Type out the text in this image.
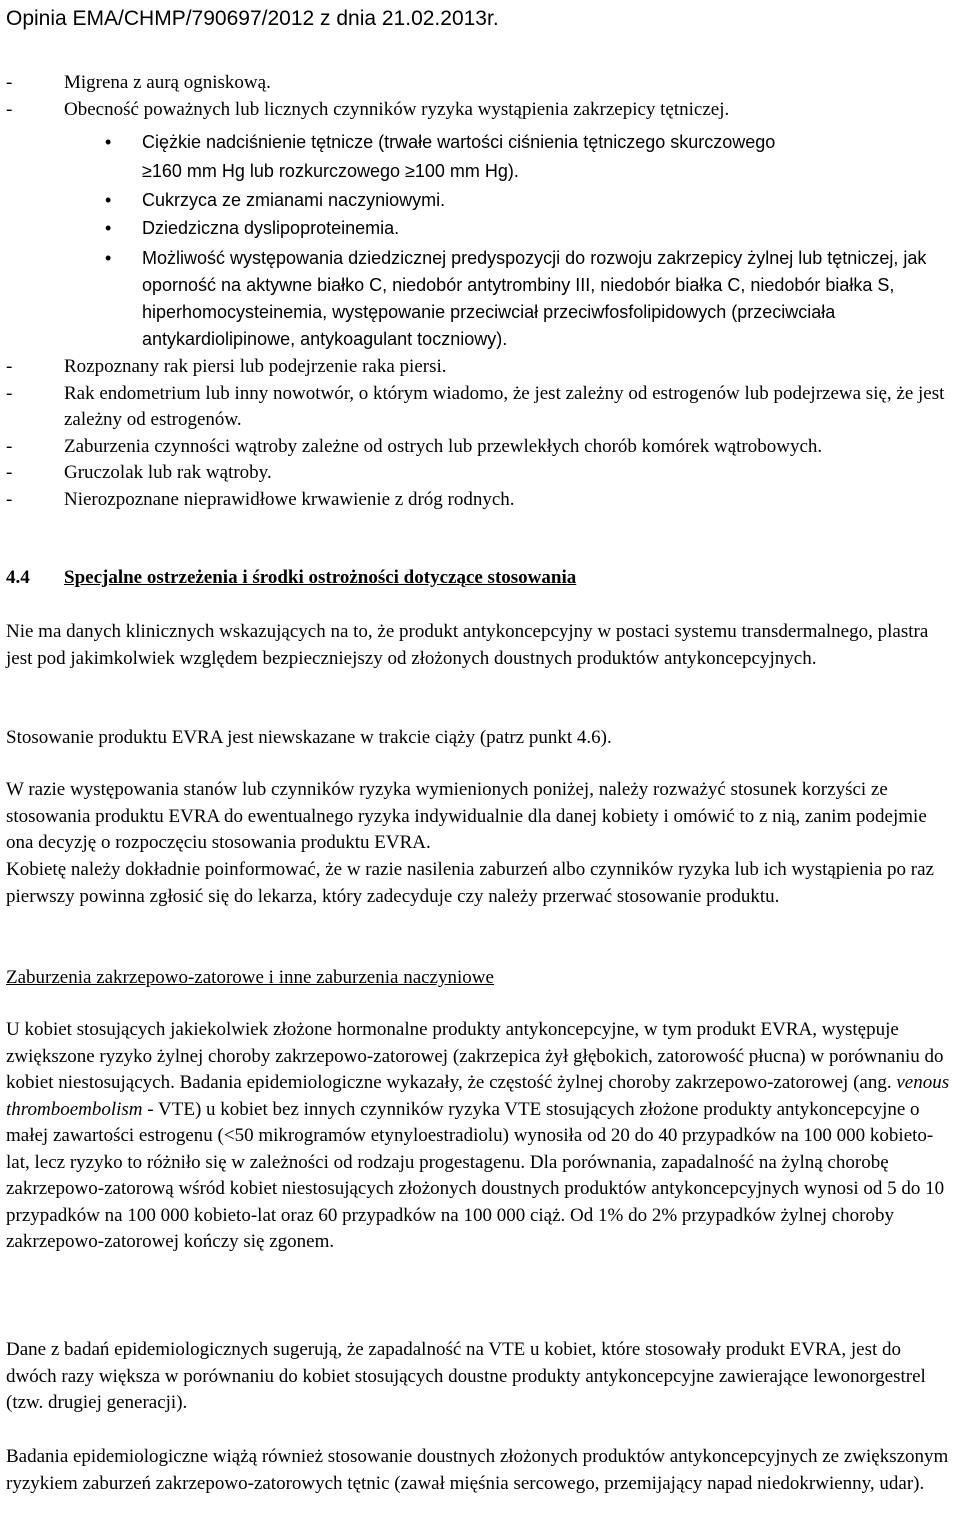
Opinia EMA/CHMP/790697/2012 z dnia 21.02.2013r.
- Migrena z aurą ogniskową.
- Obecność poważnych lub licznych czynników ryzyka wystąpienia zakrzepicy tętniczej.
• Ciężkie nadciśnienie tętnicze (trwałe wartości ciśnienia tętniczego skurczowego
≥160 mm Hg lub rozkurczowego ≥100 mm Hg).
• Cukrzyca ze zmianami naczyniowymi.
• Dziedziczna dyslipoproteinemia.
• Możliwość występowania dziedzicznej predyspozycji do rozwoju zakrzepicy żylnej lub tętniczej, jak oporność na aktywne białko C, niedobór antytrombiny III, niedobór białka C, niedobór białka S, hiperhomocysteinemia, występowanie przeciwciał przeciwfosfolipidowych (przeciwciała antykardiolipinowe, antykoagulant toczniowy).
- Rozpoznany rak piersi lub podejrzenie raka piersi.
- Rak endometrium lub inny nowotwór, o którym wiadomo, że jest zależny od estrogenów lub podejrzewa się, że jest zależny od estrogenów.
- Zaburzenia czynności wątroby zależne od ostrych lub przewlekłych chorób komórek wątrobowych.
- Gruczolak lub rak wątroby.
- Nierozpoznane nieprawidłowe krwawienie z dróg rodnych.
4.4 Specjalne ostrzeżenia i środki ostrożności dotyczące stosowania

Nie ma danych klinicznych wskazujących na to, że produkt antykoncepcyjny w postaci systemu transdermalnego, plastra jest pod jakimkolwiek względem bezpieczniejszy od złożonych doustnych produktów antykoncepcyjnych.

Stosowanie produktu EVRA jest niewskazane w trakcie ciąży (patrz punkt 4.6).

W razie występowania stanów lub czynników ryzyka wymienionych poniżej, należy rozważyć stosunek korzyści ze stosowania produktu EVRA do ewentualnego ryzyka indywidualnie dla danej kobiety i omówić to z nią, zanim podejmie ona decyzję o rozpoczęciu stosowania produktu EVRA.

Kobietę należy dokładnie poinformować, że w razie nasilenia zaburzeń albo czynników ryzyka lub ich wystąpienia po raz pierwszy powinna zgłosić się do lekarza, który zadecyduje czy należy przerwać stosowanie produktu.

Zaburzenia zakrzepowo-zatorowe i inne zaburzenia naczyniowe

U kobiet stosujących jakiekolwiek złożone hormonalne produkty antykoncepcyjne, w tym produkt EVRA, występuje zwiększone ryzyko żylnej choroby zakrzepowo-zatorowej (zakrzepica żył głębokich, zatorowość płucna) w porównaniu do kobiet niestosujących. Badania epidemiologiczne wykazały, że częstość żylnej choroby zakrzepowo-zatorowej (ang. venous thromboembolism - VTE) u kobiet bez innych czynników ryzyka VTE stosujących złożone produkty antykoncepcyjne o małej zawartości estrogenu (<50 mikrogramów etynyloestradiolu) wynosiła od 20 do 40 przypadków na 100 000 kobieto-lat, lecz ryzyko to różniło się w zależności od rodzaju progestagenu. Dla porównania, zapadalność na żylną chorobę zakrzepowo-zatorową wśród kobiet niestosujących złożonych doustnych produktów antykoncepcyjnych wynosi od 5 do 10 przypadków na 100 000 kobieto-lat oraz 60 przypadków na 100 000 ciąż. Od 1% do 2% przypadków żylnej choroby zakrzepowo-zatorowej kończy się zgonem.

Dane z badań epidemiologicznych sugerują, że zapadalność na VTE u kobiet, które stosowały produkt EVRA, jest do dwóch razy większa w porównaniu do kobiet stosujących doustne produkty antykoncepcyjne zawierające lewonorgestrel (tzw. drugiej generacji).

Badania epidemiologiczne wiążą również stosowanie doustnych złożonych produktów antykoncepcyjnych ze zwiększonym ryzykiem zaburzeń zakrzepowo-zatorowych tętnic (zawał mięśnia sercowego, przemijający napad niedokrwienny, udar).
